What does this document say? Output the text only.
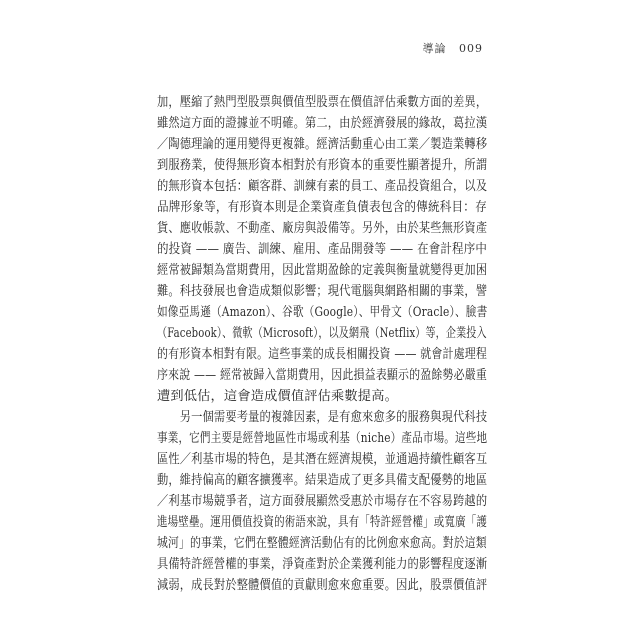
導論 009
加，壓縮了熱門型股票與價值型股票在價值評估乘數方面的差異，
雖然這方面的證據並不明確。第二，由於經濟發展的緣故，葛拉漢
／陶德理論的運用變得更複雜。經濟活動重心由工業／製造業轉移
到服務業，使得無形資本相對於有形資本的重要性顯著提升，所謂
的無形資本包括：顧客群、訓練有素的員工、產品投資組合，以及
品牌形象等，有形資本則是企業資產負債表包含的傳統科目：存
貨、應收帳款、不動產、廠房與設備等。另外，由於某些無形資產
的投資 —— 廣告、訓練、雇用、產品開發等 —— 在會計程序中
經常被歸類為當期費用，因此當期盈餘的定義與衡量就變得更加困
難。科技發展也會造成類似影響；現代電腦與網路相關的事業，譬
如像亞馬遜（Amazon）、谷歌（Google）、甲骨文（Oracle）、臉書
（Facebook）、微軟（Microsoft），以及網飛（Netflix）等，企業投入
的有形資本相對有限。這些事業的成長相關投資 —— 就會計處理程
序來說 —— 經常被歸入當期費用，因此損益表顯示的盈餘勢必嚴重
遭到低估，這會造成價值評估乘數提高。
　　另一個需要考量的複雜因素，是有愈來愈多的服務與現代科技
事業，它們主要是經營地區性市場或利基（niche）產品市場。這些地
區性／利基市場的特色，是其潛在經濟規模，並通過持續性顧客互
動，維持偏高的顧客擴獲率。結果造成了更多具備支配優勢的地區
／利基市場競爭者，這方面發展顯然受惠於市場存在不容易跨越的
進場壁壘。運用價值投資的術語來說，具有「特許經營權」或寬廣「護
城河」的事業，它們在整體經濟活動佔有的比例愈來愈高。對於這類
具備特許經營權的事業，淨資產對於企業獲利能力的影響程度逐漸
減弱，成長對於整體價值的貢獻則愈來愈重要。因此，股票價值評
